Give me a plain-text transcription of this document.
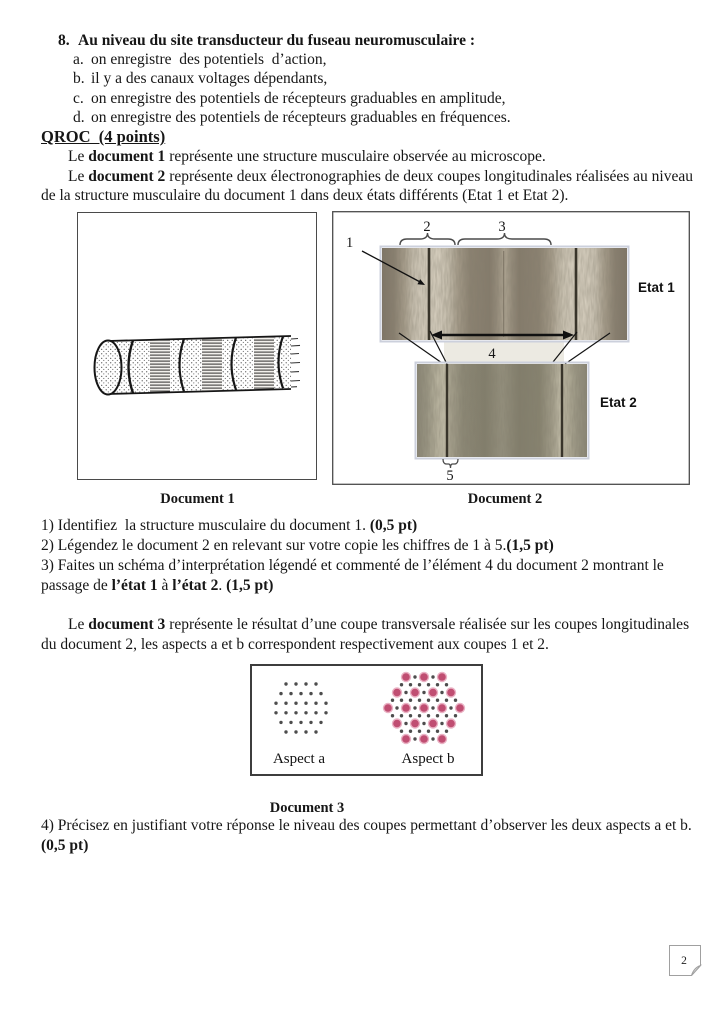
8. Au niveau du site transducteur du fuseau neuromusculaire :
a. on enregistre  des potentiels  d’action,
b. il y a des canaux voltages dépendants,
c. on enregistre des potentiels de récepteurs graduables en amplitude,
d. on enregistre des potentiels de récepteurs graduables en fréquences.
QROC  (4 points)

Le document 1 représente une structure musculaire observée au microscope.

Le document 2 représente deux électronographies de deux coupes longitudinales réalisées au niveau de la structure musculaire du document 1 dans deux états différents (Etat 1 et Etat 2).

1
2	3
Etat 1
4
Etat 2
5
Document 1	Document 2

1) Identifiez  la structure musculaire du document 1. (0,5 pt)

2) Légendez le document 2 en relevant sur votre copie les chiffres de 1 à 5.(1,5 pt)

3) Faites un schéma d’interprétation légendé et commenté de l’élément 4 du document 2 montrant le passage de l’état 1 à l’état 2. (1,5 pt)

Le document 3 représente le résultat d’une coupe transversale réalisée sur les coupes longitudinales du document 2, les aspects a et b correspondent respectivement aux coupes 1 et 2.

Aspect a	Aspect b
Document 3

4) Précisez en justifiant votre réponse le niveau des coupes permettant d’observer les deux aspects a et b.
(0,5 pt)

2
